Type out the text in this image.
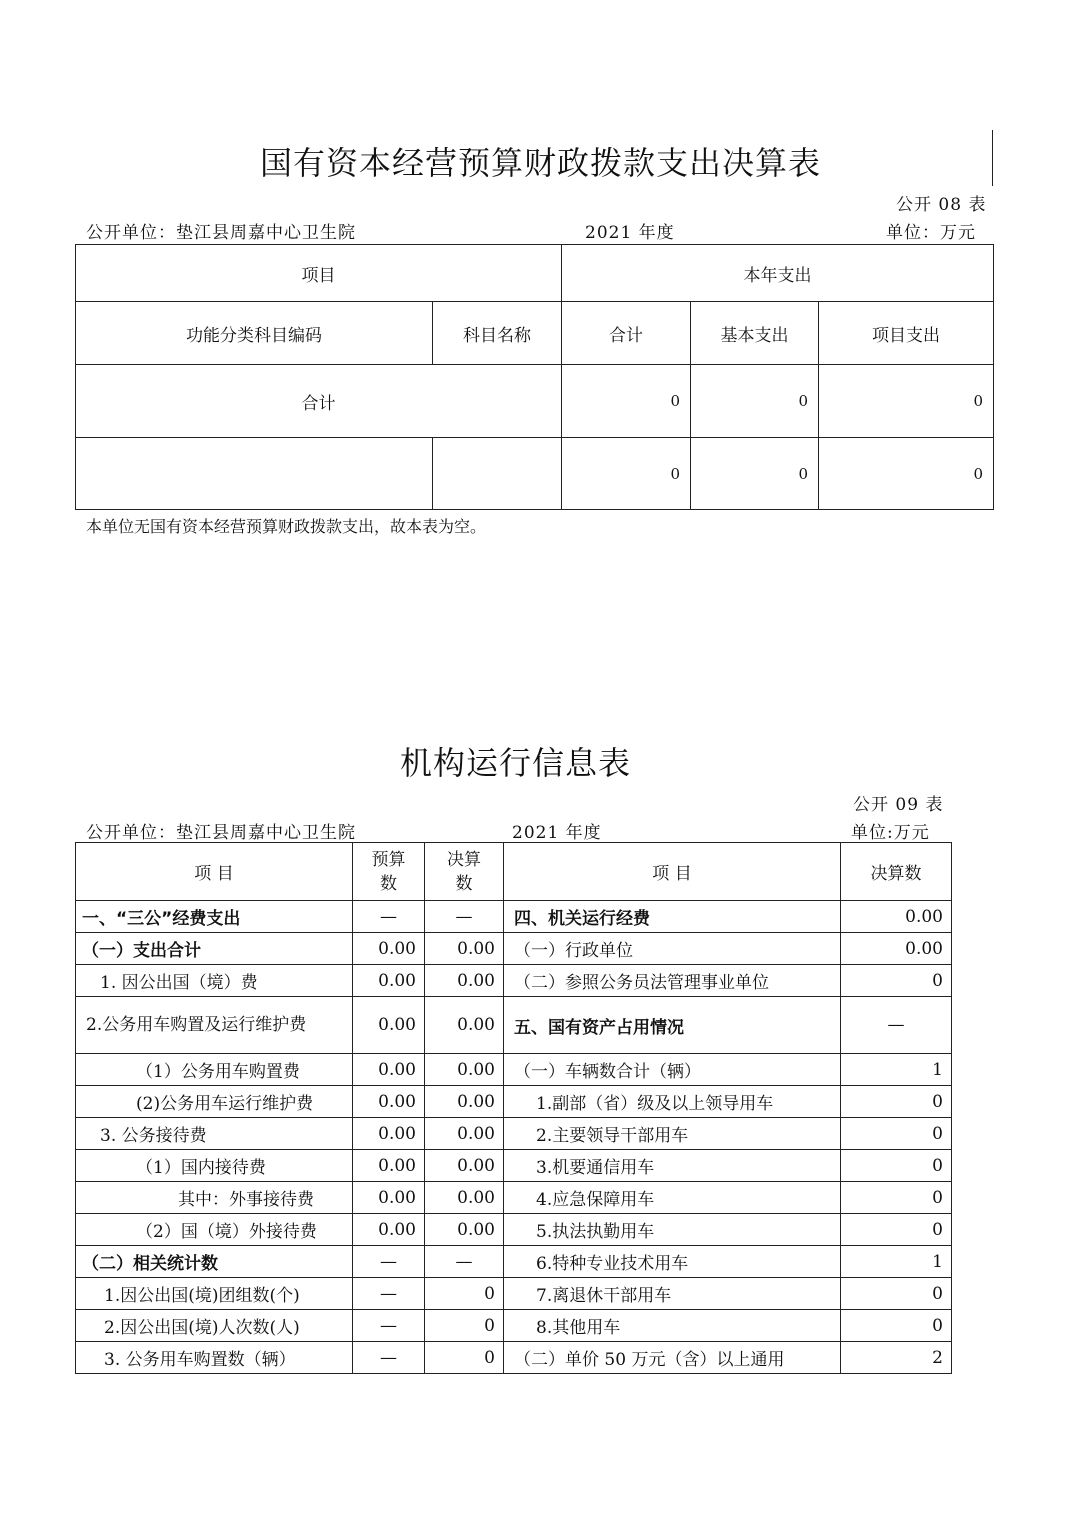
国有资本经营预算财政拨款支出决算表
公开 08 表
公开单位：垫江县周嘉中心卫生院	2021 年度	单位：万元
项目		本年支出		
功能分类科目编码	科目名称	合计	基本支出	项目支出
合计		0	0	0
		0	0	0
本单位无国有资本经营预算财政拨款支出，故本表为空。
机构运行信息表
公开 09 表
公开单位：垫江县周嘉中心卫生院	2021 年度	单位:万元
项 目	预算数	决算数	项 目	决算数
一、“三公”经费支出	—	—	四、机关运行经费	0.00
（一）支出合计	0.00	0.00	（一）行政单位	0.00
1. 因公出国（境）费	0.00	0.00	（二）参照公务员法管理事业单位	0
2.公务用车购置及运行维护费	0.00	0.00	五、国有资产占用情况	—
（1）公务用车购置费	0.00	0.00	（一）车辆数合计（辆）	1
(2)公务用车运行维护费	0.00	0.00	1.副部（省）级及以上领导用车	0
3. 公务接待费	0.00	0.00	2.主要领导干部用车	0
（1）国内接待费	0.00	0.00	3.机要通信用车	0
其中：外事接待费	0.00	0.00	4.应急保障用车	0
（2）国（境）外接待费	0.00	0.00	5.执法执勤用车	0
（二）相关统计数	—	—	6.特种专业技术用车	1
1.因公出国(境)团组数(个)	—	0	7.离退休干部用车	0
2.因公出国(境)人次数(人)	—	0	8.其他用车	0
3. 公务用车购置数（辆）	—	0	（二）单价 50 万元（含）以上通用	2
